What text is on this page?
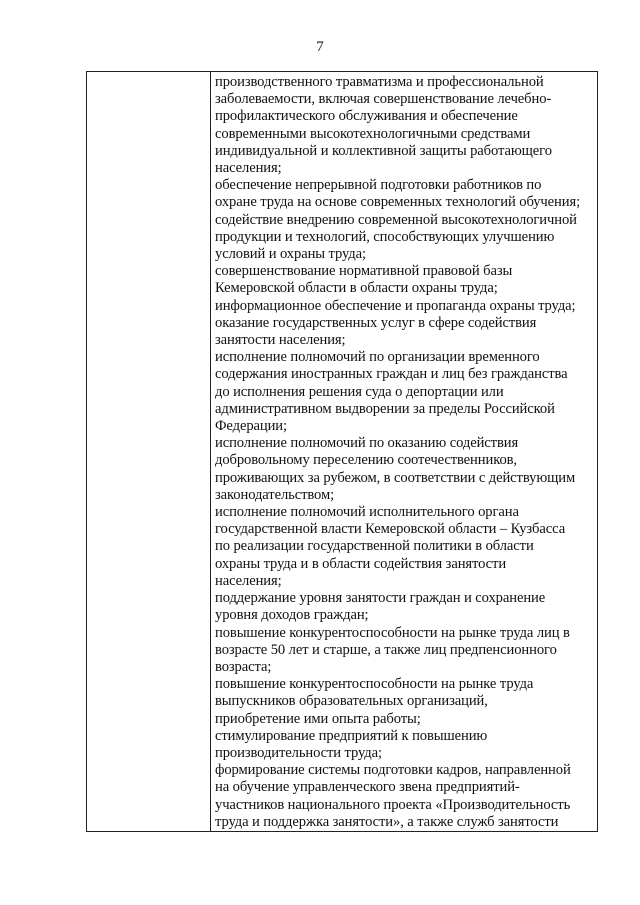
7

производственного травматизма и профессиональной
заболеваемости, включая совершенствование лечебно-
профилактического обслуживания и обеспечение
современными высокотехнологичными средствами
индивидуальной и коллективной защиты работающего
населения;
обеспечение непрерывной подготовки работников по
охране труда на основе современных технологий обучения;
содействие внедрению современной высокотехнологичной
продукции и технологий, способствующих улучшению
условий и охраны труда;
совершенствование нормативной правовой базы
Кемеровской области в области охраны труда;
информационное обеспечение и пропаганда охраны труда;
оказание государственных услуг в сфере содействия
занятости населения;
исполнение полномочий по организации временного
содержания иностранных граждан и лиц без гражданства
до исполнения решения суда о депортации или
административном выдворении за пределы Российской
Федерации;
исполнение полномочий по оказанию содействия
добровольному переселению соотечественников,
проживающих за рубежом, в соответствии с действующим
законодательством;
исполнение полномочий исполнительного органа
государственной власти Кемеровской области – Кузбасса
по реализации государственной политики в области
охраны труда и в области содействия занятости
населения;
поддержание уровня занятости граждан и сохранение
уровня доходов граждан;
повышение конкурентоспособности на рынке труда лиц в
возрасте 50 лет и старше, а также лиц предпенсионного
возраста;
повышение конкурентоспособности на рынке труда
выпускников образовательных организаций,
приобретение ими опыта работы;
стимулирование предприятий к повышению
производительности труда;
формирование системы подготовки кадров, направленной
на обучение управленческого звена предприятий-
участников национального проекта «Производительность
труда и поддержка занятости», а также служб занятости
